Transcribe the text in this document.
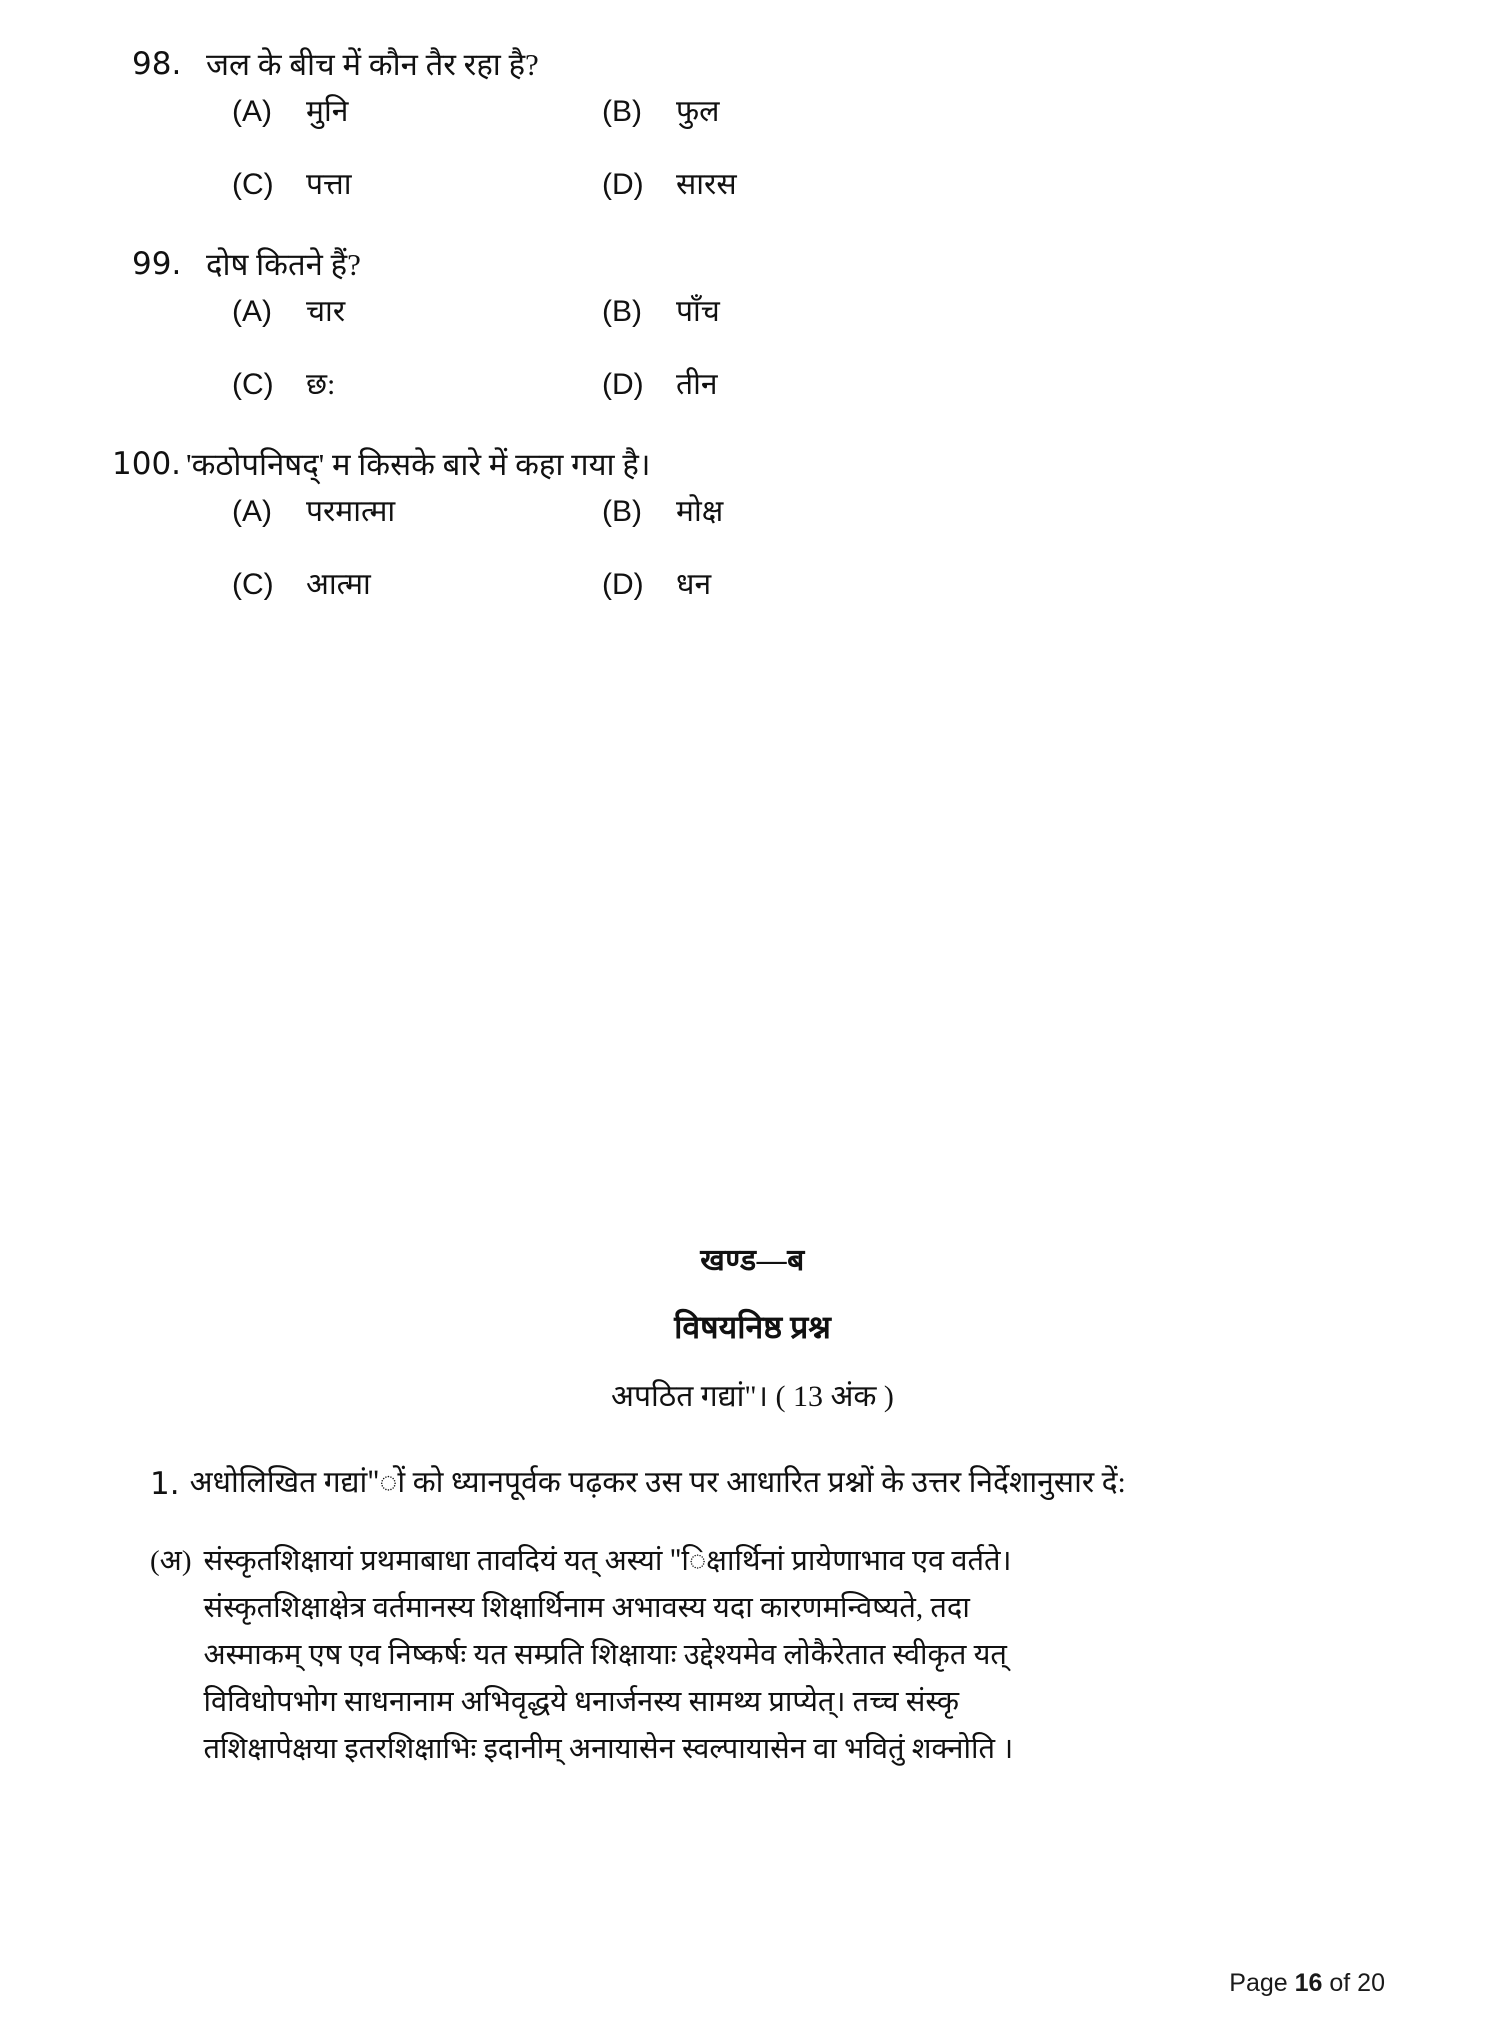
98. जल के बीच में कौन तैर रहा है?
(A)	मुनि	(B)	फुल
(C)	पत्ता	(D)	सारस
99. दोष कितने हैं?
(A)	चार	(B)	पाँच
(C)	छ:	(D)	तीन
100. 'कठोपनिषद्' म किसके बारे में कहा गया है।
(A)	परमात्मा	(B)	मोक्ष
(C)	आत्मा	(D)	धन
खण्ड—ब
विषयनिष्ठ प्रश्न
अपठित गद्यां"। ( 13 अंक )
1. अधोलिखित गद्यां"ों को ध्यानपूर्वक पढ़कर उस पर आधारित प्रश्नों के उत्तर निर्देशानुसार दें:
(अ) संस्कृतशिक्षायां प्रथमाबाधा तावदियं यत् अस्यां "िक्षार्थिनां प्रायेणाभाव एव वर्तते।
संस्कृतशिक्षाक्षेत्र वर्तमानस्य शिक्षार्थिनाम अभावस्य यदा कारणमन्विष्यते, तदा
अस्माकम् एष एव निष्कर्षः यत सम्प्रति शिक्षायाः उद्देश्यमेव लोकैरेतात स्वीकृत यत्
विविधोपभोग साधनानाम अभिवृद्धये धनार्जनस्य सामथ्य प्राप्येत्। तच्च संस्कृ
तशिक्षापेक्षया इतरशिक्षाभिः इदानीम् अनायासेन स्वल्पायासेन वा भवितुं शक्नोति ।
Page 16 of 20
